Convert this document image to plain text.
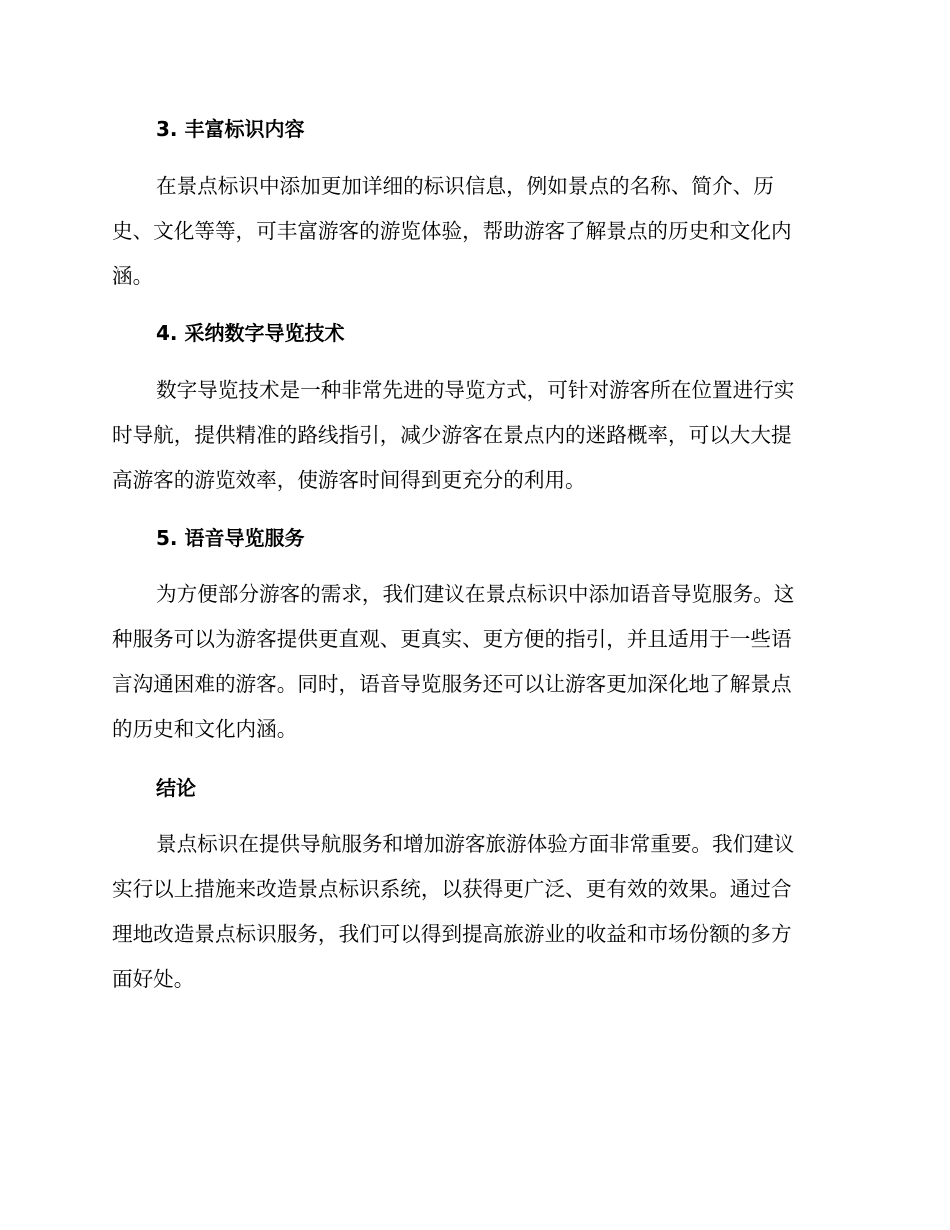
3. 丰富标识内容
在景点标识中添加更加详细的标识信息，例如景点的名称、简介、历
史、文化等等，可丰富游客的游览体验，帮助游客了解景点的历史和文化内
涵。
4. 采纳数字导览技术
数字导览技术是一种非常先进的导览方式，可针对游客所在位置进行实
时导航，提供精准的路线指引，减少游客在景点内的迷路概率，可以大大提
高游客的游览效率，使游客时间得到更充分的利用。
5. 语音导览服务
为方便部分游客的需求，我们建议在景点标识中添加语音导览服务。这
种服务可以为游客提供更直观、更真实、更方便的指引，并且适用于一些语
言沟通困难的游客。同时，语音导览服务还可以让游客更加深化地了解景点
的历史和文化内涵。
结论
景点标识在提供导航服务和增加游客旅游体验方面非常重要。我们建议
实行以上措施来改造景点标识系统，以获得更广泛、更有效的效果。通过合
理地改造景点标识服务，我们可以得到提高旅游业的收益和市场份额的多方
面好处。
